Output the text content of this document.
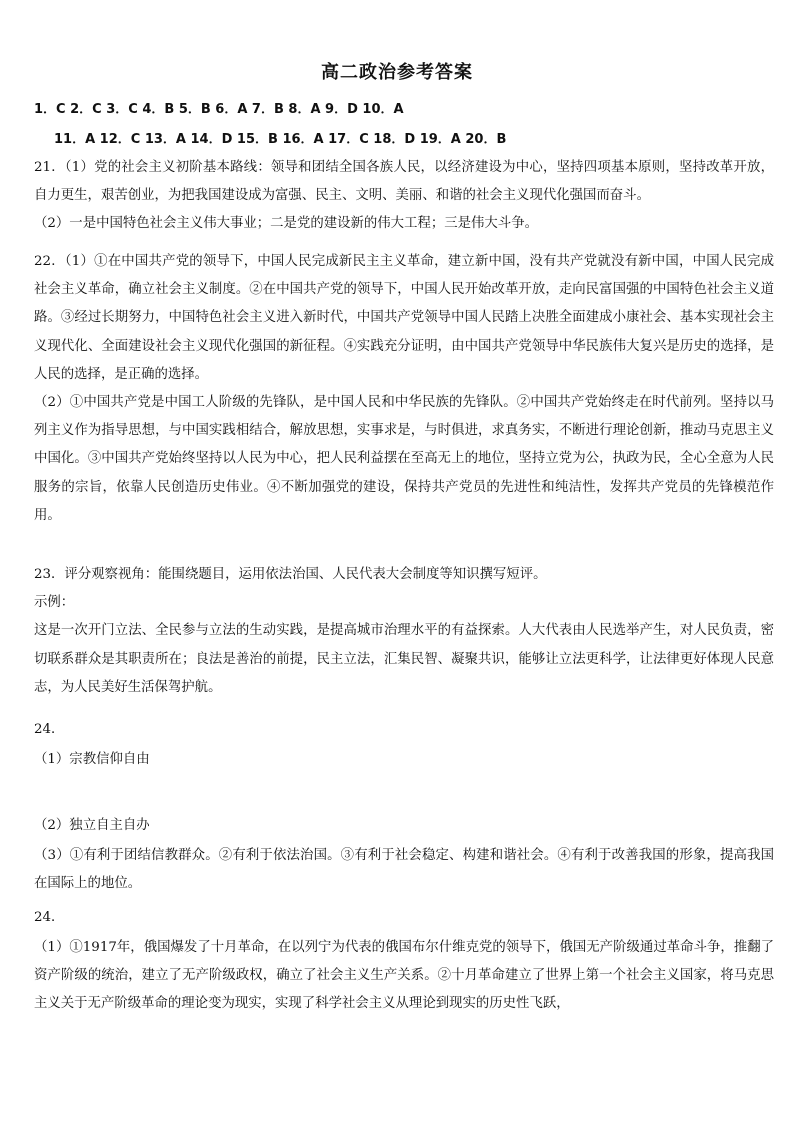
高二政治参考答案
1．C 2．C 3．C 4．B 5．B 6．A 7．B 8．A 9．D 10．A
11．A 12．C 13．A 14．D 15．B 16．A 17．C 18．D 19．A 20．B

21．（1）党的社会主义初阶基本路线：领导和团结全国各族人民，以经济建设为中心，坚持四项基本原则，坚持改革开放，自力更生，艰苦创业，为把我国建设成为富强、民主、文明、美丽、和谐的社会主义现代化强国而奋斗。

（2）一是中国特色社会主义伟大事业；二是党的建设新的伟大工程；三是伟大斗争。

22．（1）①在中国共产党的领导下，中国人民完成新民主主义革命，建立新中国，没有共产党就没有新中国，中国人民完成社会主义革命，确立社会主义制度。②在中国共产党的领导下，中国人民开始改革开放，走向民富国强的中国特色社会主义道路。③经过长期努力，中国特色社会主义进入新时代，中国共产党领导中国人民踏上决胜全面建成小康社会、基本实现社会主义现代化、全面建设社会主义现代化强国的新征程。④实践充分证明，由中国共产党领导中华民族伟大复兴是历史的选择，是人民的选择，是正确的选择。

（2）①中国共产党是中国工人阶级的先锋队，是中国人民和中华民族的先锋队。②中国共产党始终走在时代前列。坚持以马列主义作为指导思想，与中国实践相结合，解放思想，实事求是，与时俱进，求真务实，不断进行理论创新，推动马克思主义中国化。③中国共产党始终坚持以人民为中心，把人民利益摆在至高无上的地位，坚持立党为公，执政为民，全心全意为人民服务的宗旨，依靠人民创造历史伟业。④不断加强党的建设，保持共产党员的先进性和纯洁性，发挥共产党员的先锋模范作用。

23．评分观察视角：能围绕题目，运用依法治国、人民代表大会制度等知识撰写短评。

示例：

这是一次开门立法、全民参与立法的生动实践，是提高城市治理水平的有益探索。人大代表由人民选举产生，对人民负责，密切联系群众是其职责所在；良法是善治的前提，民主立法，汇集民智、凝聚共识，能够让立法更科学，让法律更好体现人民意志，为人民美好生活保驾护航。

24．
（1）宗教信仰自由
（2）独立自主自办

（3）①有利于团结信教群众。②有利于依法治国。③有利于社会稳定、构建和谐社会。④有利于改善我国的形象，提高我国在国际上的地位。

24．

（1）①1917年，俄国爆发了十月革命，在以列宁为代表的俄国布尔什维克党的领导下，俄国无产阶级通过革命斗争，推翻了资产阶级的统治，建立了无产阶级政权，确立了社会主义生产关系。②十月革命建立了世界上第一个社会主义国家，将马克思主义关于无产阶级革命的理论变为现实，实现了科学社会主义从理论到现实的历史性飞跃，
